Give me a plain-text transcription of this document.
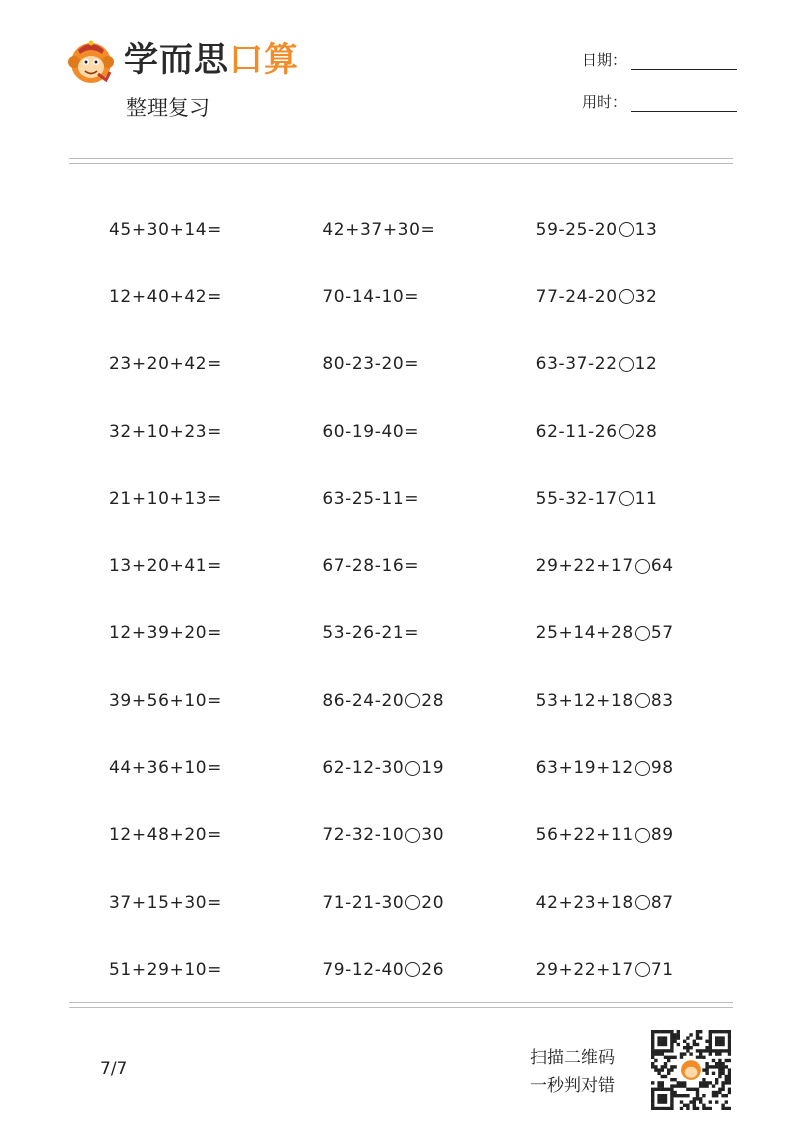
学而思口算
整理复习
日期：
用时：
45+30+14=	42+37+30=	59-25-20 13
12+40+42=	70-14-10=	77-24-20 32
23+20+42=	80-23-20=	63-37-22 12
32+10+23=	60-19-40=	62-11-26 28
21+10+13=	63-25-11=	55-32-17 11
13+20+41=	67-28-16=	29+22+17 64
12+39+20=	53-26-21=	25+14+28 57
39+56+10=	86-24-20 28	53+12+18 83
44+36+10=	62-12-30 19	63+19+12 98
12+48+20=	72-32-10 30	56+22+11 89
37+15+30=	71-21-30 20	42+23+18 87
51+29+10=	79-12-40 26	29+22+17 71
7/7
扫描二维码
一秒判对错
